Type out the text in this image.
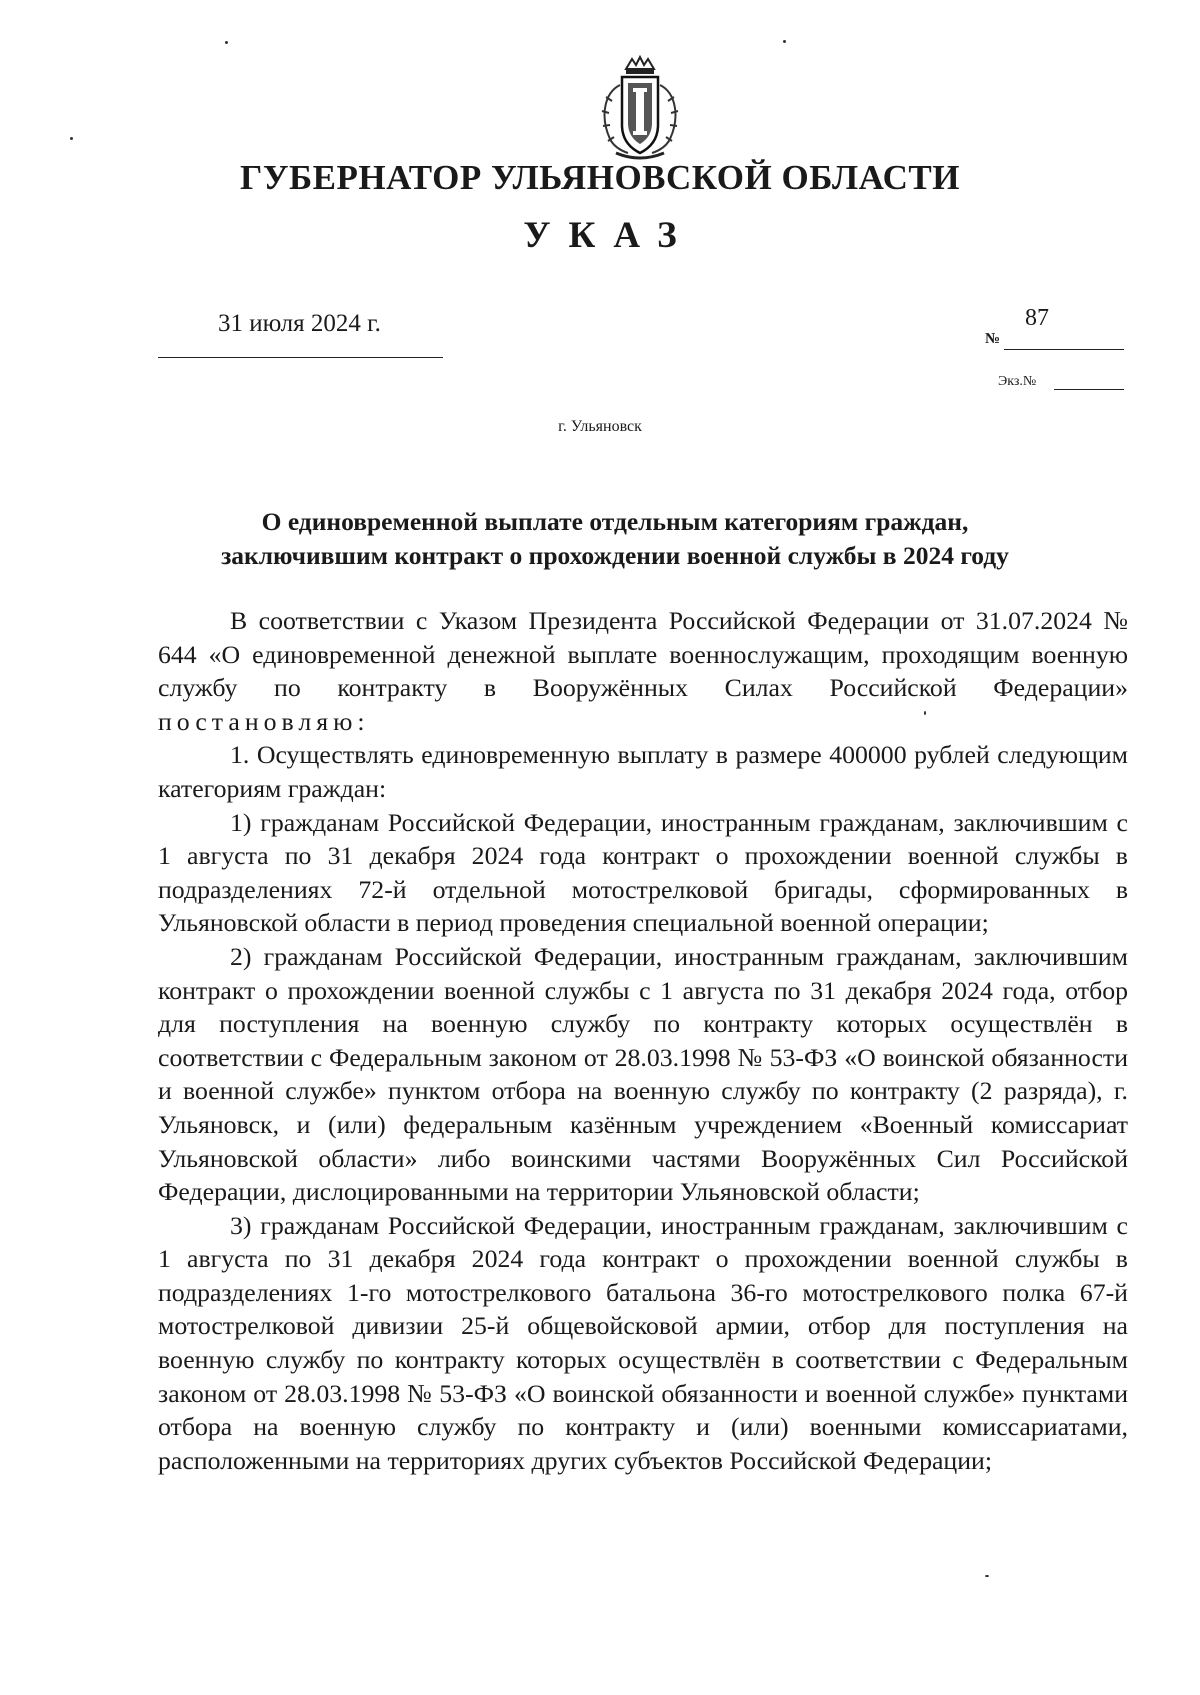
ГУБЕРНАТОР УЛЬЯНОВСКОЙ ОБЛАСТИ
УКАЗ
31 июля 2024 г.
№
87
Экз.№
г. Ульяновск
О единовременной выплате отдельным категориям граждан,
заключившим контракт о прохождении военной службы в 2024 году

В соответствии с Указом Президента Российской Федерации от 31.07.2024 № 644 «О единовременной денежной выплате военнослужащим, проходящим военную службу по контракту в Вооружённых Силах Российской Федерации» постановляю:

1. Осуществлять единовременную выплату в размере 400000 рублей следующим категориям граждан:

1) гражданам Российской Федерации, иностранным гражданам, заключившим с 1 августа по 31 декабря 2024 года контракт о прохождении военной службы в подразделениях 72-й отдельной мотострелковой бригады, сформированных в Ульяновской области в период проведения специальной военной операции;

2) гражданам Российской Федерации, иностранным гражданам, заключившим контракт о прохождении военной службы с 1 августа по 31 декабря 2024 года, отбор для поступления на военную службу по контракту которых осуществлён в соответствии с Федеральным законом от 28.03.1998 № 53-ФЗ «О воинской обязанности и военной службе» пунктом отбора на военную службу по контракту (2 разряда), г. Ульяновск, и (или) федеральным казённым учреждением «Военный комиссариат Ульяновской области» либо воинскими частями Вооружённых Сил Российской Федерации, дислоцированными на территории Ульяновской области;

3) гражданам Российской Федерации, иностранным гражданам, заключившим с 1 августа по 31 декабря 2024 года контракт о прохождении военной службы в подразделениях 1-го мотострелкового батальона 36-го мотострелкового полка 67-й мотострелковой дивизии 25-й общевойсковой армии, отбор для поступления на военную службу по контракту которых осуществлён в соответствии с Федеральным законом от 28.03.1998 № 53-ФЗ «О воинской обязанности и военной службе» пунктами отбора на военную службу по контракту и (или) военными комиссариатами, расположенными на территориях других субъектов Российской Федерации;
